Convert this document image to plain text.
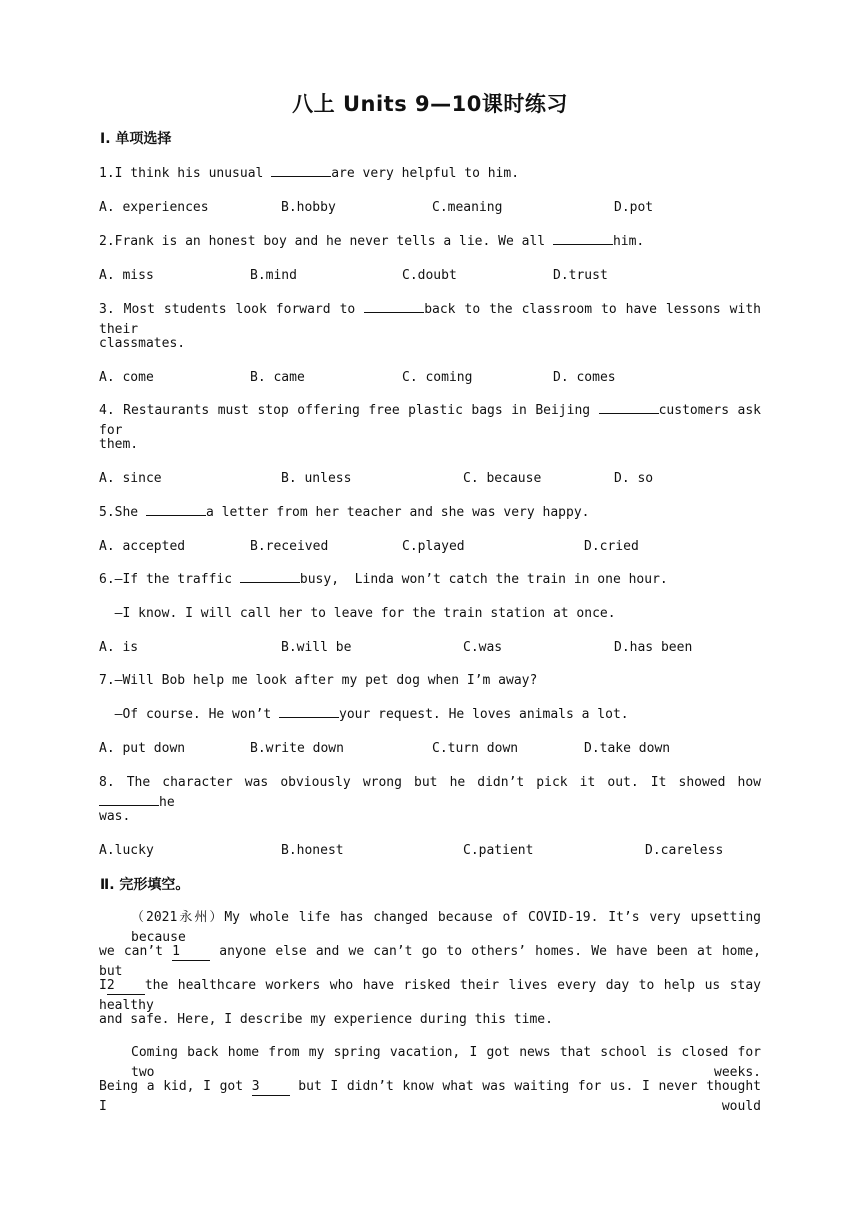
八上 Units 9—10课时练习
Ⅰ. 单项选择
1.I think his unusual	are very helpful to him.
A. experiences	B.hobby	C.meaning	D.pot
2.Frank is an honest boy and he never tells a lie. We all	him.
A. miss	B.mind	C.doubt	D.trust
3. Most students look forward to	back to the classroom to have lessons with their
classmates.
A. come	B. came	C. coming	D. comes
4. Restaurants must stop offering free plastic bags in Beijing	customers ask for
them.
A. since	B. unless	C. because	D. so
5.She	a letter from her teacher and she was very happy.
A. accepted	B.received	C.played	D.cried
6.—If the traffic	busy,  Linda won’t catch the train in one hour.
—I know. I will call her to leave for the train station at once.
A. is	B.will be	C.was	D.has been
7.—Will Bob help me look after my pet dog when I’m away?
—Of course. He won’t	your request. He loves animals a lot.
A. put down	B.write down	C.turn down	D.take down
8. The character was obviously wrong but he didn’t pick it out. It showed how he
was.
A.lucky	B.honest	C.patient	D.careless
Ⅱ. 完形填空。
（2021永州）My whole life has changed because of COVID-19. It’s very upsetting because
we can’t 1 anyone else and we can’t go to others’ homes. We have been at home, but
I2 the healthcare workers who have risked their lives every day to help us stay healthy
and safe. Here, I describe my experience during this time.
Coming back home from my spring vacation, I got news that school is closed for two weeks.
Being a kid, I got 3 but I didn’t know what was waiting for us. I never thought I would
